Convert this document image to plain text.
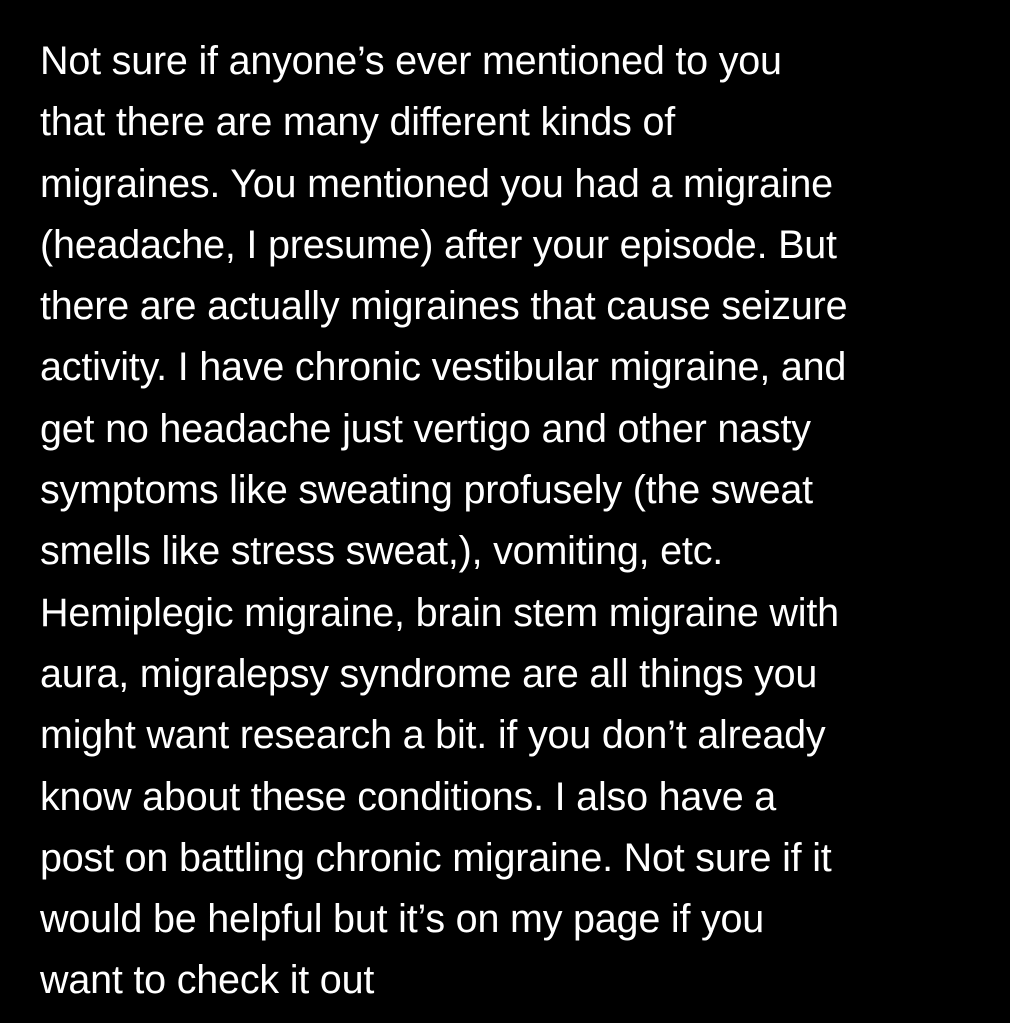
Not sure if anyone’s ever mentioned to you
that there are many different kinds of
migraines. You mentioned you had a migraine
(headache, I presume) after your episode. But
there are actually migraines that cause seizure
activity. I have chronic vestibular migraine, and
get no headache just vertigo and other nasty
symptoms like sweating profusely (the sweat
smells like stress sweat,), vomiting, etc.
Hemiplegic migraine, brain stem migraine with
aura, migralepsy syndrome are all things you
might want research a bit. if you don’t already
know about these conditions. I also have a
post on battling chronic migraine. Not sure if it
would be helpful but it’s on my page if you
want to check it out
